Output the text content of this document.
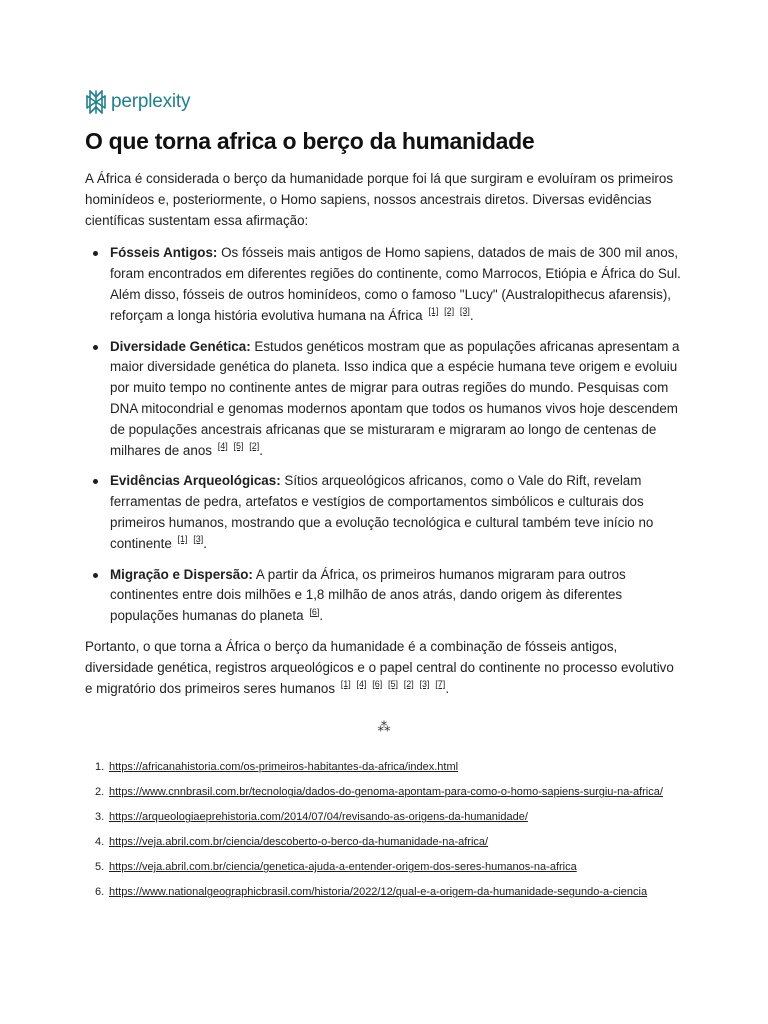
perplexity
O que torna africa o berço da humanidade

A África é considerada o berço da humanidade porque foi lá que surgiram e evoluíram os primeiros hominídeos e, posteriormente, o Homo sapiens, nossos ancestrais diretos. Diversas evidências científicas sustentam essa afirmação:

Fósseis Antigos: Os fósseis mais antigos de Homo sapiens, datados de mais de 300 mil anos, foram encontrados em diferentes regiões do continente, como Marrocos, Etiópia e África do Sul. Além disso, fósseis de outros hominídeos, como o famoso "Lucy" (Australopithecus afarensis), reforçam a longa história evolutiva humana na África [1] [2] [3].
Diversidade Genética: Estudos genéticos mostram que as populações africanas apresentam a maior diversidade genética do planeta. Isso indica que a espécie humana teve origem e evoluiu por muito tempo no continente antes de migrar para outras regiões do mundo. Pesquisas com DNA mitocondrial e genomas modernos apontam que todos os humanos vivos hoje descendem de populações ancestrais africanas que se misturaram e migraram ao longo de centenas de milhares de anos [4] [5] [2].
Evidências Arqueológicas: Sítios arqueológicos africanos, como o Vale do Rift, revelam ferramentas de pedra, artefatos e vestígios de comportamentos simbólicos e culturais dos primeiros humanos, mostrando que a evolução tecnológica e cultural também teve início no continente [1] [3].
Migração e Dispersão: A partir da África, os primeiros humanos migraram para outros continentes entre dois milhões e 1,8 milhão de anos atrás, dando origem às diferentes populações humanas do planeta [6].

Portanto, o que torna a África o berço da humanidade é a combinação de fósseis antigos, diversidade genética, registros arqueológicos e o papel central do continente no processo evolutivo e migratório dos primeiros seres humanos [1] [4] [6] [5] [2] [3] [7].

⁂
1. https://africanahistoria.com/os-primeiros-habitantes-da-africa/index.html
2. https://www.cnnbrasil.com.br/tecnologia/dados-do-genoma-apontam-para-como-o-homo-sapiens-surgiu-na-africa/
3. https://arqueologiaeprehistoria.com/2014/07/04/revisando-as-origens-da-humanidade/
4. https://veja.abril.com.br/ciencia/descoberto-o-berco-da-humanidade-na-africa/
5. https://veja.abril.com.br/ciencia/genetica-ajuda-a-entender-origem-dos-seres-humanos-na-africa
6. https://www.nationalgeographicbrasil.com/historia/2022/12/qual-e-a-origem-da-humanidade-segundo-a-ciencia
